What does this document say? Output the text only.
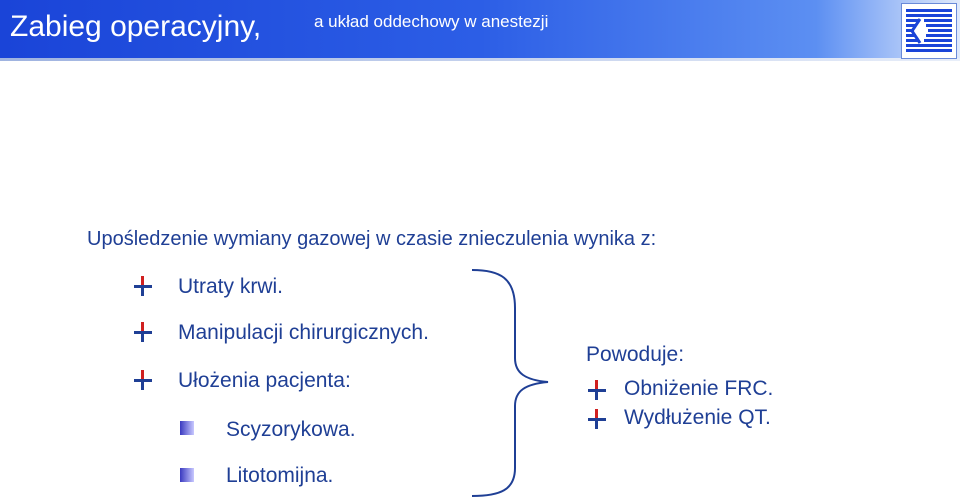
Zabieg operacyjny,	a układ oddechowy w anestezji
Upośledzenie wymiany gazowej w czasie znieczulenia wynika z:
Utraty krwi.
Manipulacji chirurgicznych.
Ułożenia pacjenta:
Scyzorykowa.
Litotomijna.
Powoduje:
Obniżenie FRC.
Wydłużenie QT.
